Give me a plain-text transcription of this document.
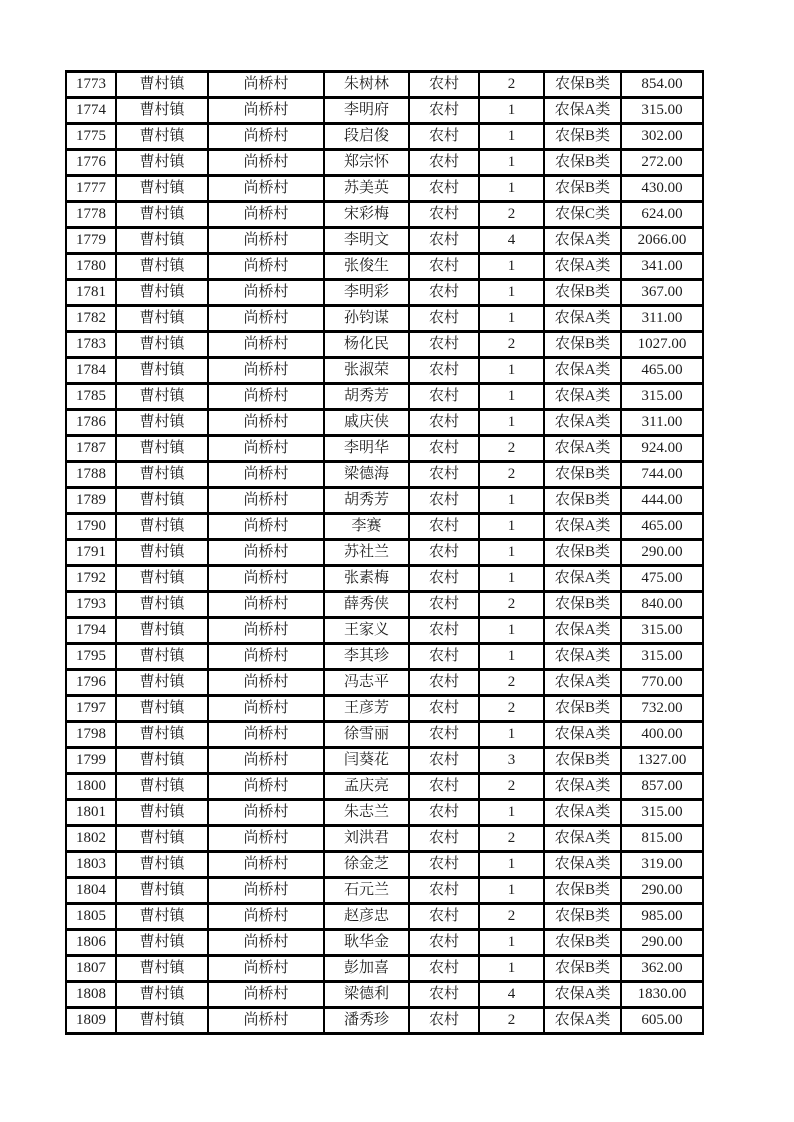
1773	曹村镇	尚桥村	朱树林	农村	2	农保B类	854.00
1774	曹村镇	尚桥村	李明府	农村	1	农保A类	315.00
1775	曹村镇	尚桥村	段启俊	农村	1	农保B类	302.00
1776	曹村镇	尚桥村	郑宗怀	农村	1	农保B类	272.00
1777	曹村镇	尚桥村	苏美英	农村	1	农保B类	430.00
1778	曹村镇	尚桥村	宋彩梅	农村	2	农保C类	624.00
1779	曹村镇	尚桥村	李明文	农村	4	农保A类	2066.00
1780	曹村镇	尚桥村	张俊生	农村	1	农保A类	341.00
1781	曹村镇	尚桥村	李明彩	农村	1	农保B类	367.00
1782	曹村镇	尚桥村	孙钧谋	农村	1	农保A类	311.00
1783	曹村镇	尚桥村	杨化民	农村	2	农保B类	1027.00
1784	曹村镇	尚桥村	张淑荣	农村	1	农保A类	465.00
1785	曹村镇	尚桥村	胡秀芳	农村	1	农保A类	315.00
1786	曹村镇	尚桥村	戚庆侠	农村	1	农保A类	311.00
1787	曹村镇	尚桥村	李明华	农村	2	农保A类	924.00
1788	曹村镇	尚桥村	梁德海	农村	2	农保B类	744.00
1789	曹村镇	尚桥村	胡秀芳	农村	1	农保B类	444.00
1790	曹村镇	尚桥村	李赛	农村	1	农保A类	465.00
1791	曹村镇	尚桥村	苏社兰	农村	1	农保B类	290.00
1792	曹村镇	尚桥村	张素梅	农村	1	农保A类	475.00
1793	曹村镇	尚桥村	薛秀侠	农村	2	农保B类	840.00
1794	曹村镇	尚桥村	王家义	农村	1	农保A类	315.00
1795	曹村镇	尚桥村	李其珍	农村	1	农保A类	315.00
1796	曹村镇	尚桥村	冯志平	农村	2	农保A类	770.00
1797	曹村镇	尚桥村	王彦芳	农村	2	农保B类	732.00
1798	曹村镇	尚桥村	徐雪丽	农村	1	农保A类	400.00
1799	曹村镇	尚桥村	闫葵花	农村	3	农保B类	1327.00
1800	曹村镇	尚桥村	孟庆亮	农村	2	农保A类	857.00
1801	曹村镇	尚桥村	朱志兰	农村	1	农保A类	315.00
1802	曹村镇	尚桥村	刘洪君	农村	2	农保A类	815.00
1803	曹村镇	尚桥村	徐金芝	农村	1	农保A类	319.00
1804	曹村镇	尚桥村	石元兰	农村	1	农保B类	290.00
1805	曹村镇	尚桥村	赵彦忠	农村	2	农保B类	985.00
1806	曹村镇	尚桥村	耿华金	农村	1	农保B类	290.00
1807	曹村镇	尚桥村	彭加喜	农村	1	农保B类	362.00
1808	曹村镇	尚桥村	梁德利	农村	4	农保A类	1830.00
1809	曹村镇	尚桥村	潘秀珍	农村	2	农保A类	605.00
